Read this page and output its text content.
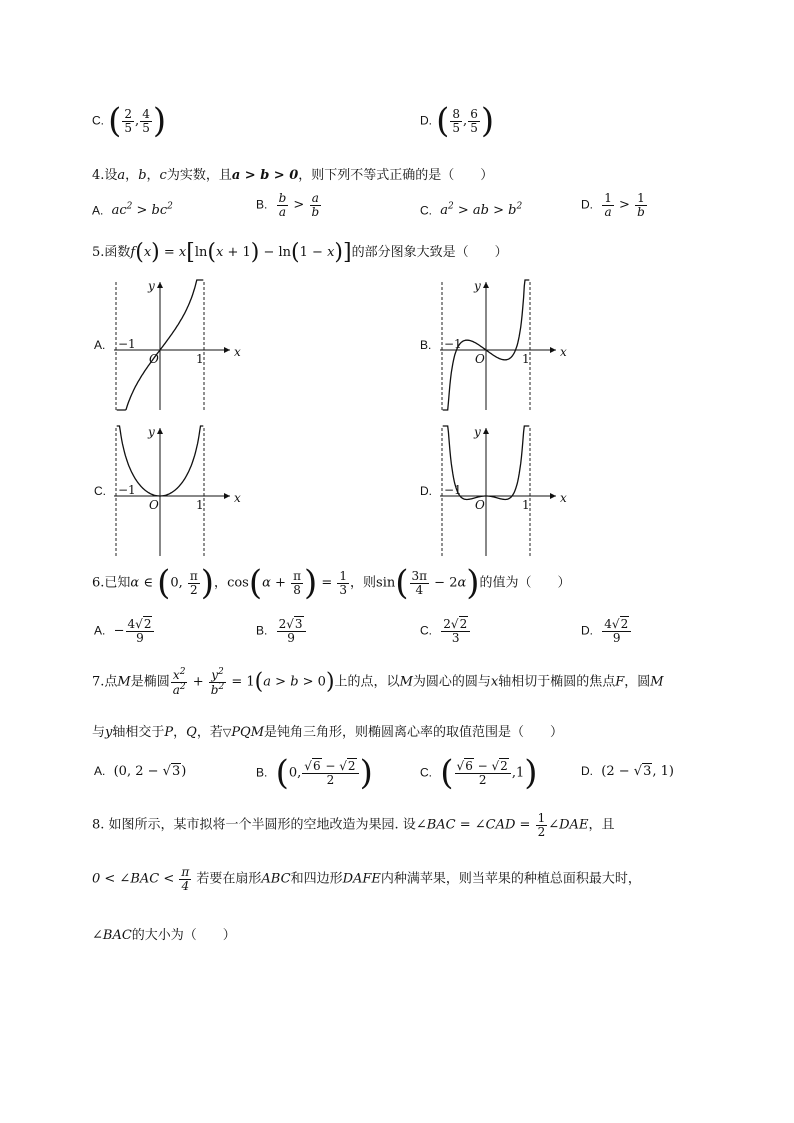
C. ( $\frac{2}{5}$ , $\frac{4}{5}$ )	D. ( $\frac{8}{5}$ , $\frac{6}{5}$ )
4.设a，b，c为实数，且a > b > 0，则下列不等式正确的是（　　）
A. $ac^2 > bc^2$	B. $\frac{b}{a} > \frac{a}{b}$	C. $a^2$ > ab > $b^2$	D. $\frac{1}{a} > \frac{1}{b}$
5.函数f(x) = x[ln(x + 1) − ln(1 − x)]的部分图象大致是（　　）
A.	B.
C.	D.
x
y
O
−1
1	x
y
O
−1
1
x
y
O
−1
1	x
y
O
−1
1
6.已知α ∈ (0, $\frac{\pi}{2}$ )，$\cos(\alpha + \frac{\pi}{8}$ ) = $\frac{1}{3}$ ，则$\sin( \frac{3\pi}{4} - 2\alpha)$的值为（　　）
A. − $\frac{4√2}{9}$	B. $\frac{2√3}{9}$	C. $\frac{2√2}{3}$	D. $\frac{4√2}{9}$
7.点M是椭圆 $\frac{x^2}{a^2} + \frac{y^2}{b^2} = 1(a > b > 0)$上的点，以M为圆心的圆与x轴相切于椭圆的焦点F，圆M
与y轴相交于P，Q，若▽PQM是钝角三角形，则椭圆离心率的取值范围是（　　）
A. (0, 2 − √3)	B. (0, $\frac{√6 - √2}{2}$ )	C. ( $\frac{√6 - √2}{2} ,1$)	D. (2 − √3, 1)
8. 如图所示，某市拟将一个半圆形的空地改造为果园. 设∠BAC = ∠CAD = $\frac{1}{2}$ ∠DAE，且
0 < ∠BAC < $\frac{\pi}{4}$ 若要在扇形ABC和四边形DAFE内种满苹果，则当苹果的种植总面积最大时，
∠BAC的大小为（　　）
